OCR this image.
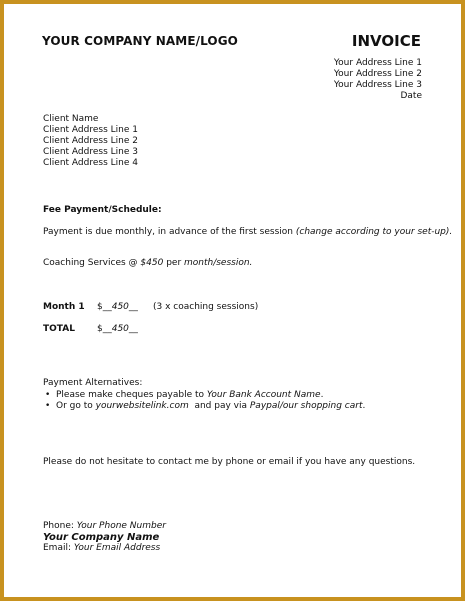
YOUR COMPANY NAME/LOGO	INVOICE
Your Address Line 1
Your Address Line 2
Your Address Line 3
Date
Client Name
Client Address Line 1
Client Address Line 2
Client Address Line 3
Client Address Line 4
Fee Payment/Schedule:
Payment is due monthly, in advance of the first session (change according to your set-up).
Coaching Services @ $450 per month/session.
Month 1 $__450__ (3 x coaching sessions)
TOTAL $__450__
Payment Alternatives:
• Please make cheques payable to Your Bank Account Name.
• Or go to yourwebsitelink.com  and pay via Paypal/our shopping cart.
Please do not hesitate to contact me by phone or email if you have any questions.
Phone: Your Phone Number
Your Company Name
Email: Your Email Address
